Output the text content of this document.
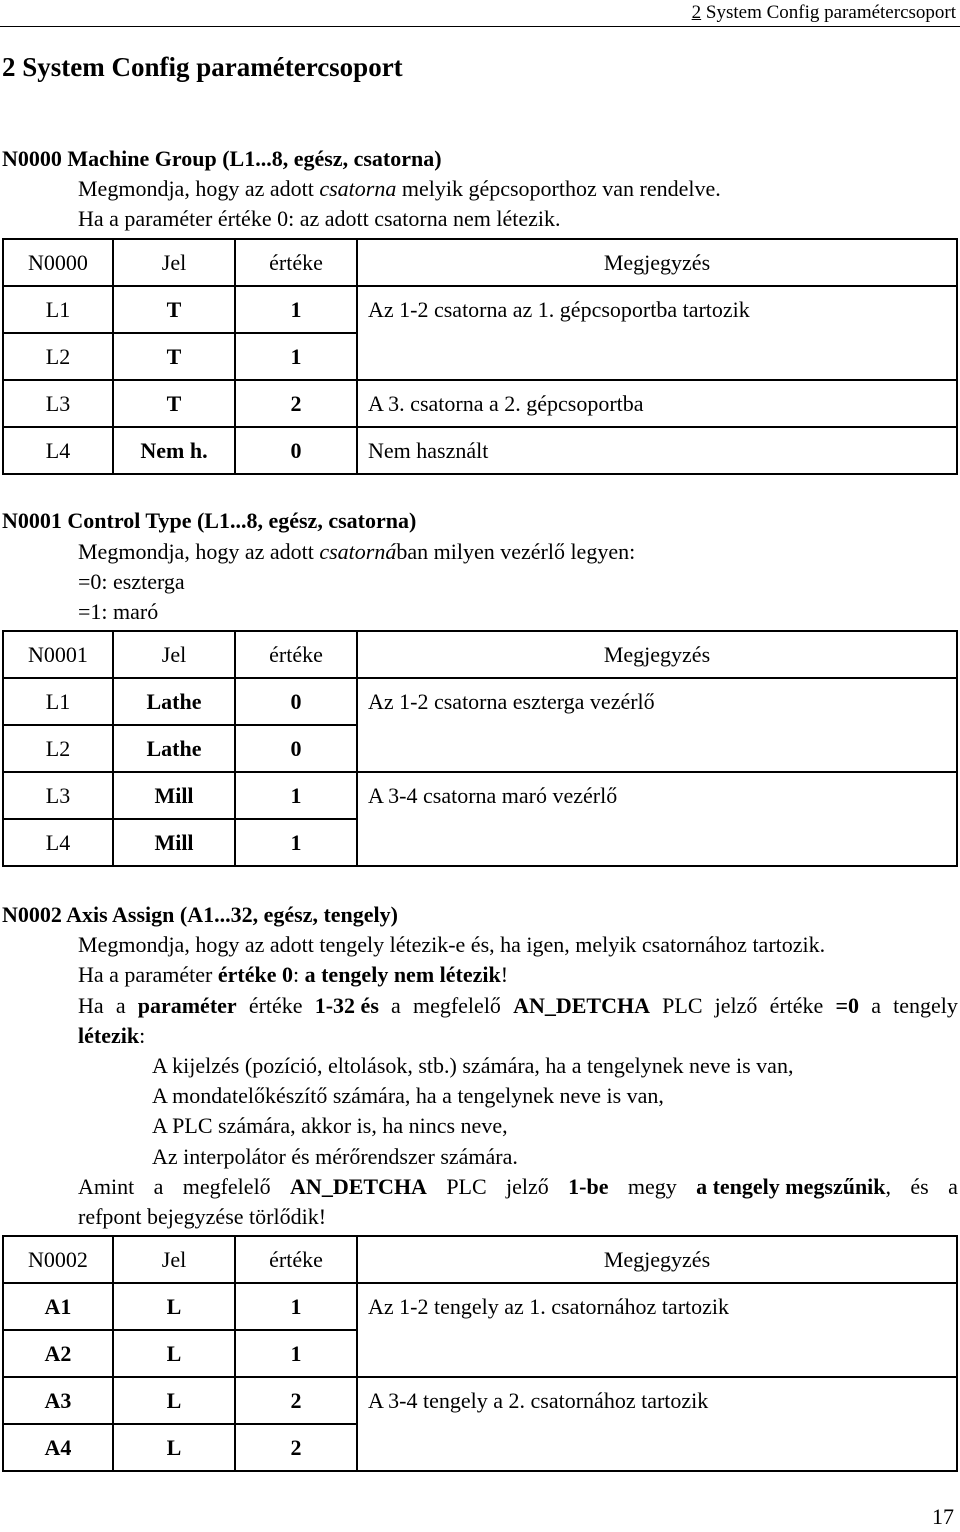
2 System Config paramétercsoport
2 System Config paramétercsoport
N0000 Machine Group (L1...8, egész, csatorna)
Megmondja, hogy az adott csatorna melyik gépcsoporthoz van rendelve.
Ha a paraméter értéke 0: az adott csatorna nem létezik.
N0000	Jel	értéke	Megjegyzés
L1	T	1	Az 1-2 csatorna az 1. gépcsoportba tartozik
L2	T	1	
L3	T	2	A 3. csatorna a 2. gépcsoportba
L4	Nem h.	0	Nem használt
N0001 Control Type (L1...8, egész, csatorna)
Megmondja, hogy az adott csatornában milyen vezérlő legyen:
=0: eszterga
=1: maró
N0001	Jel	értéke	Megjegyzés
L1	Lathe	0	Az 1-2 csatorna eszterga vezérlő
L2	Lathe	0	
L3	Mill	1	A 3-4 csatorna maró vezérlő
L4	Mill	1	
N0002 Axis Assign (A1...32, egész, tengely)
Megmondja, hogy az adott tengely létezik-e és, ha igen, melyik csatornához tartozik.
Ha a paraméter értéke 0: a tengely nem létezik!
Ha a paraméter értéke 1-32 és a megfelelő AN_DETCHA PLC jelző értéke =0 a tengely
létezik:
A kijelzés (pozíció, eltolások, stb.) számára, ha a tengelynek neve is van,
A mondatelőkészítő számára, ha a tengelynek neve is van,
A PLC számára, akkor is, ha nincs neve,
Az interpolátor és mérőrendszer számára.
Amint a megfelelő AN_DETCHA PLC jelző 1-be megy a tengely megszűnik, és a
refpont bejegyzése törlődik!
N0002	Jel	értéke	Megjegyzés
A1	L	1	Az 1-2 tengely az 1. csatornához tartozik
A2	L	1	
A3	L	2	A 3-4 tengely a 2. csatornához tartozik
A4	L	2	
17
